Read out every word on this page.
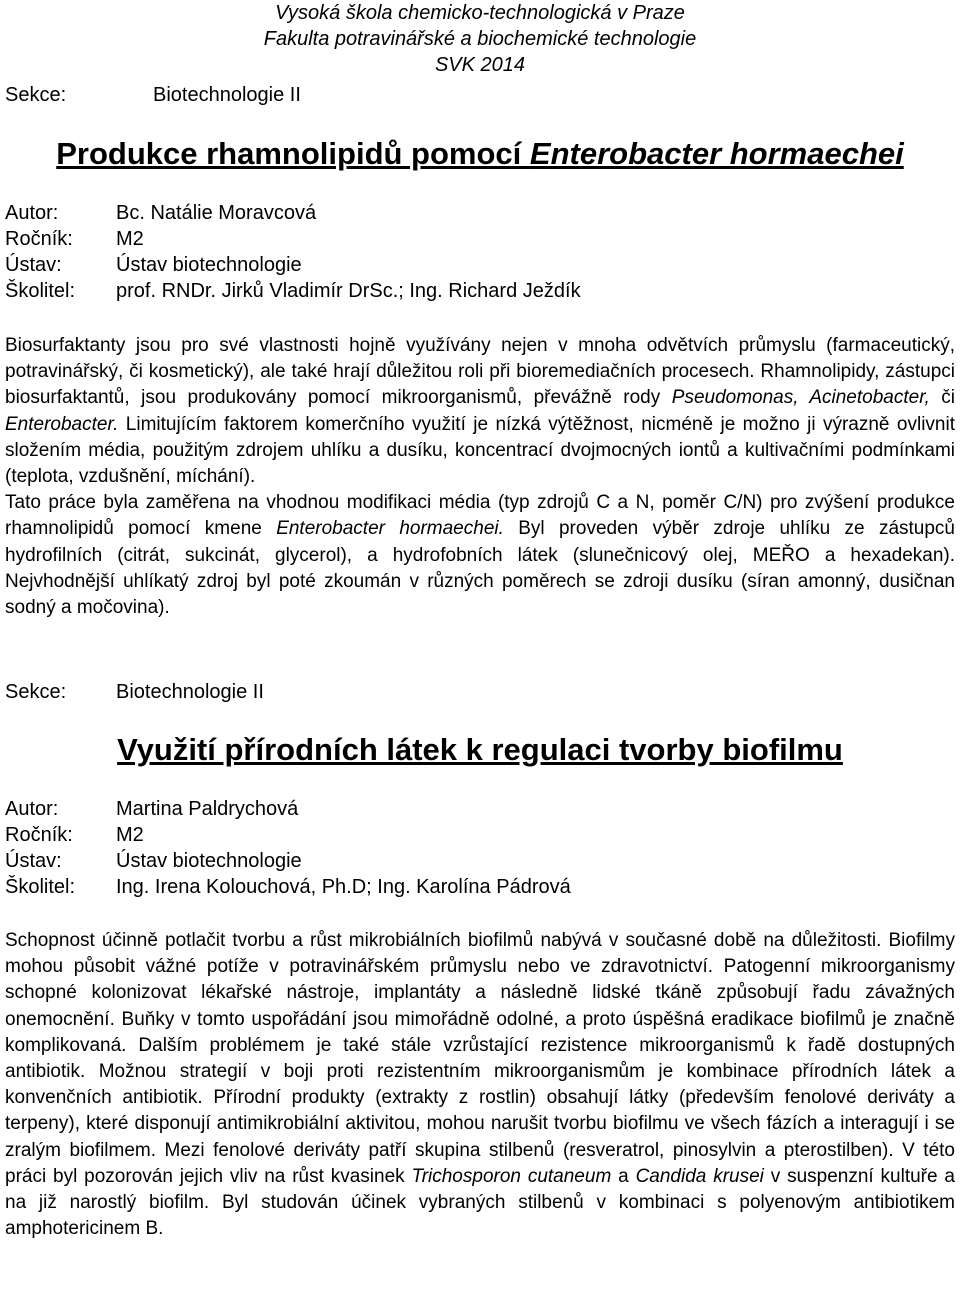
Vysoká škola chemicko-technologická v Praze
Fakulta potravinářské a biochemické technologie
SVK 2014
Sekce:	Biotechnologie II
Produkce rhamnolipidů pomocí Enterobacter hormaechei
Autor:	Bc. Natálie Moravcová
Ročník: M2
Ústav:	Ústav biotechnologie
Školitel: prof. RNDr. Jirků Vladimír DrSc.; Ing. Richard Ježdík

Biosurfaktanty jsou pro své vlastnosti hojně využívány nejen v mnoha odvětvích průmyslu (farmaceutický, potravinářský, či kosmetický), ale také hrají důležitou roli při bioremediačních procesech. Rhamnolipidy, zástupci biosurfaktantů, jsou produkovány pomocí mikroorganismů, převážně rody Pseudomonas, Acinetobacter, či Enterobacter. Limitujícím faktorem komerčního využití je nízká výtěžnost, nicméně je možno ji výrazně ovlivnit složením média, použitým zdrojem uhlíku a dusíku, koncentrací dvojmocných iontů a kultivačními podmínkami (teplota, vzdušnění, míchání).

Tato práce byla zaměřena na vhodnou modifikaci média (typ zdrojů C a N, poměr C/N) pro zvýšení produkce rhamnolipidů pomocí kmene Enterobacter hormaechei. Byl proveden výběr zdroje uhlíku ze zástupců hydrofilních (citrát, sukcinát, glycerol), a hydrofobních látek (slunečnicový olej, MEŘO a hexadekan). Nejvhodnější uhlíkatý zdroj byl poté zkoumán v různých poměrech se zdroji dusíku (síran amonný, dusičnan sodný a močovina).

Sekce: Biotechnologie II
Využití přírodních látek k regulaci tvorby biofilmu
Autor:	Martina Paldrychová
Ročník: M2
Ústav:	Ústav biotechnologie
Školitel: Ing. Irena Kolouchová, Ph.D; Ing. Karolína Pádrová

Schopnost účinně potlačit tvorbu a růst mikrobiálních biofilmů nabývá v současné době na důležitosti. Biofilmy mohou působit vážné potíže v potravinářském průmyslu nebo ve zdravotnictví. Patogenní mikroorganismy schopné kolonizovat lékařské nástroje, implantáty a následně lidské tkáně způsobují řadu závažných onemocnění. Buňky v tomto uspořádání jsou mimořádně odolné, a proto úspěšná eradikace biofilmů je značně komplikovaná. Dalším problémem je také stále vzrůstající rezistence mikroorganismů k řadě dostupných antibiotik. Možnou strategií v boji proti rezistentním mikroorganismům je kombinace přírodních látek a konvenčních antibiotik. Přírodní produkty (extrakty z rostlin) obsahují látky (především fenolové deriváty a terpeny), které disponují antimikrobiální aktivitou, mohou narušit tvorbu biofilmu ve všech fázích a interagují i se zralým biofilmem. Mezi fenolové deriváty patří skupina stilbenů (resveratrol, pinosylvin a pterostilben). V této práci byl pozorován jejich vliv na růst kvasinek Trichosporon cutaneum a Candida krusei v suspenzní kultuře a na již narostlý biofilm. Byl studován účinek vybraných stilbenů v kombinaci s polyenovým antibiotikem amphotericinem B.
